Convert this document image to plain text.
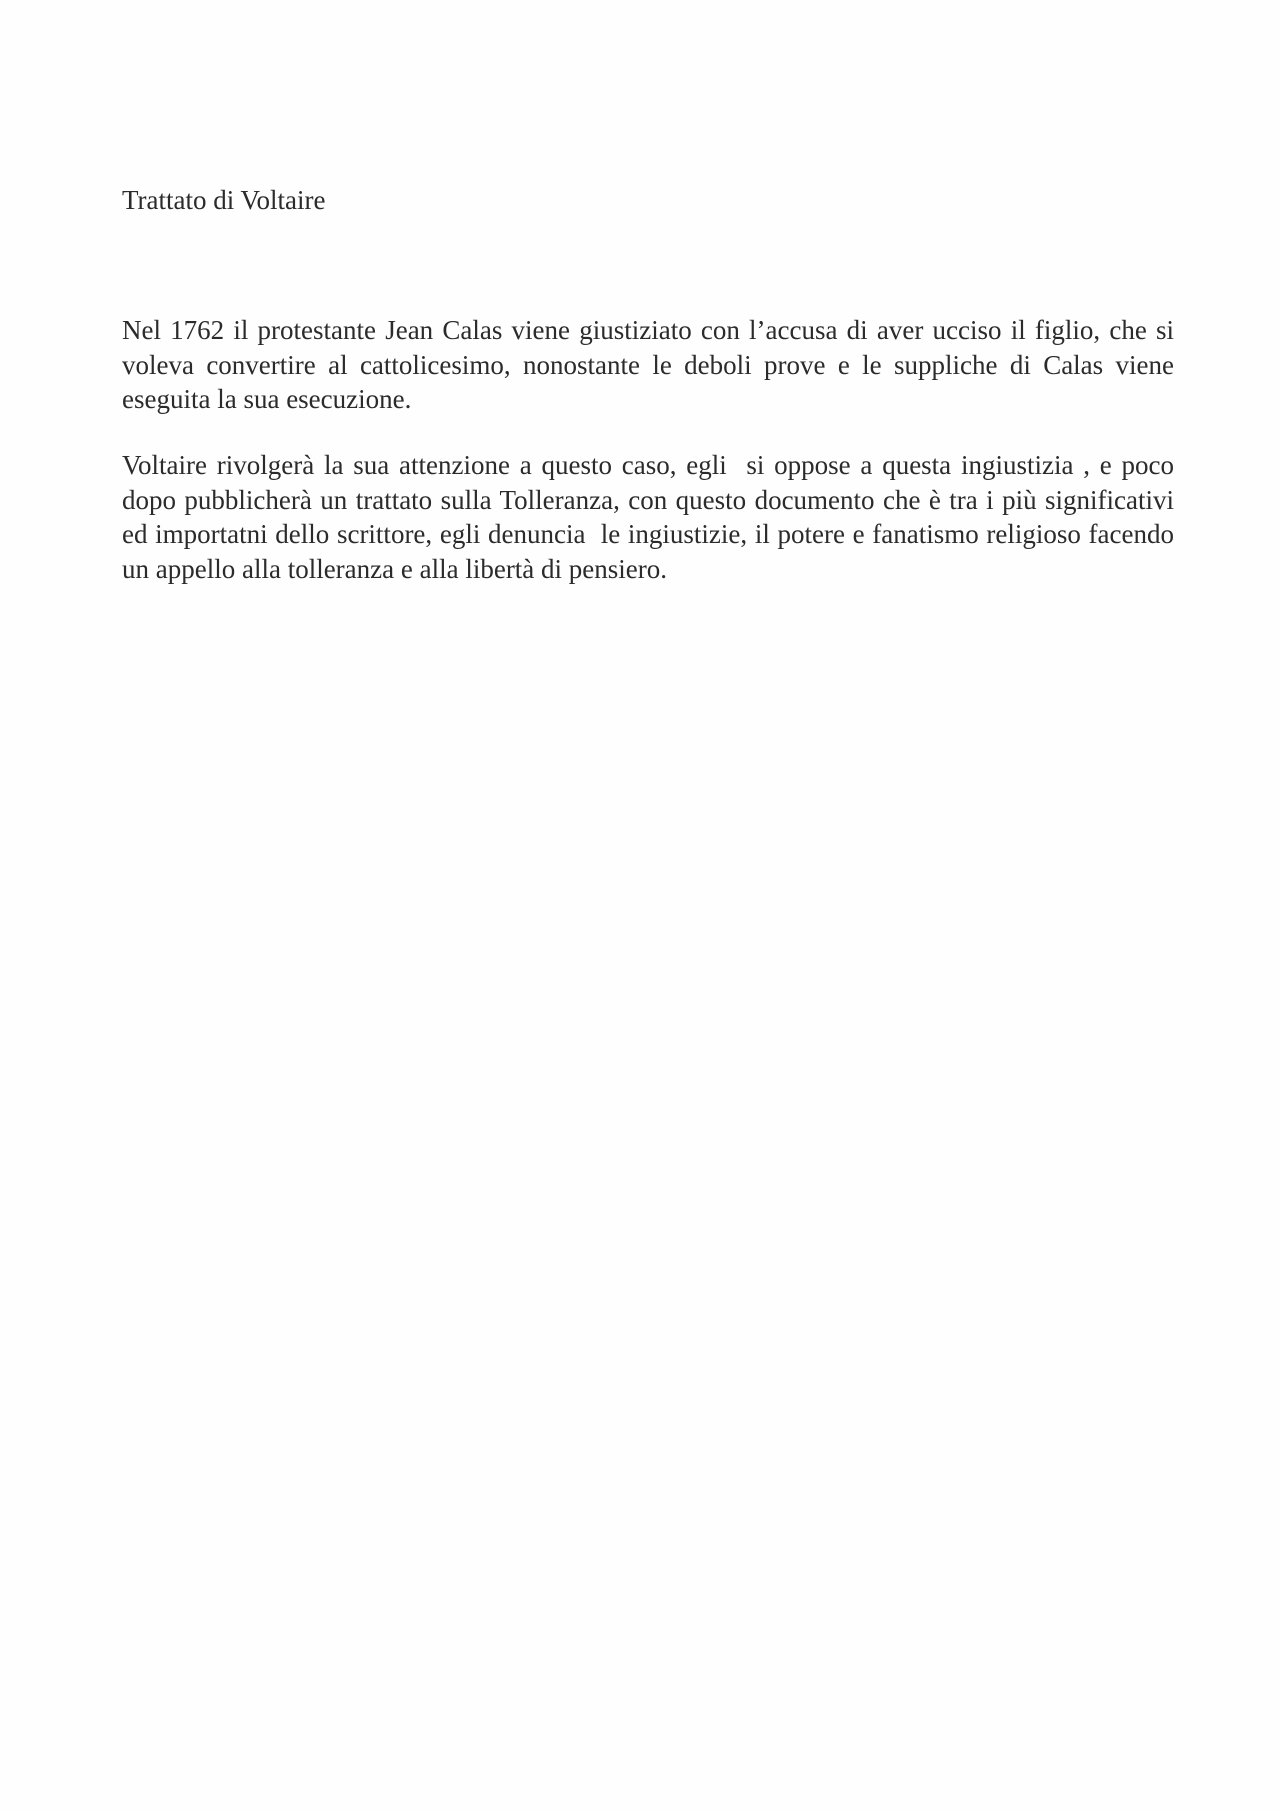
Trattato di Voltaire

Nel 1762 il protestante Jean Calas viene giustiziato con l’accusa di aver ucciso il figlio, che si voleva convertire al cattolicesimo, nonostante le deboli prove e le suppliche di Calas viene eseguita la sua esecuzione.

Voltaire rivolgerà la sua attenzione a questo caso, egli  si oppose a questa ingiustizia , e poco dopo pubblicherà un trattato sulla Tolleranza, con questo documento che è tra i più significativi ed importatni dello scrittore, egli denuncia  le ingiustizie, il potere e fanatismo religioso facendo un appello alla tolleranza e alla libertà di pensiero.
